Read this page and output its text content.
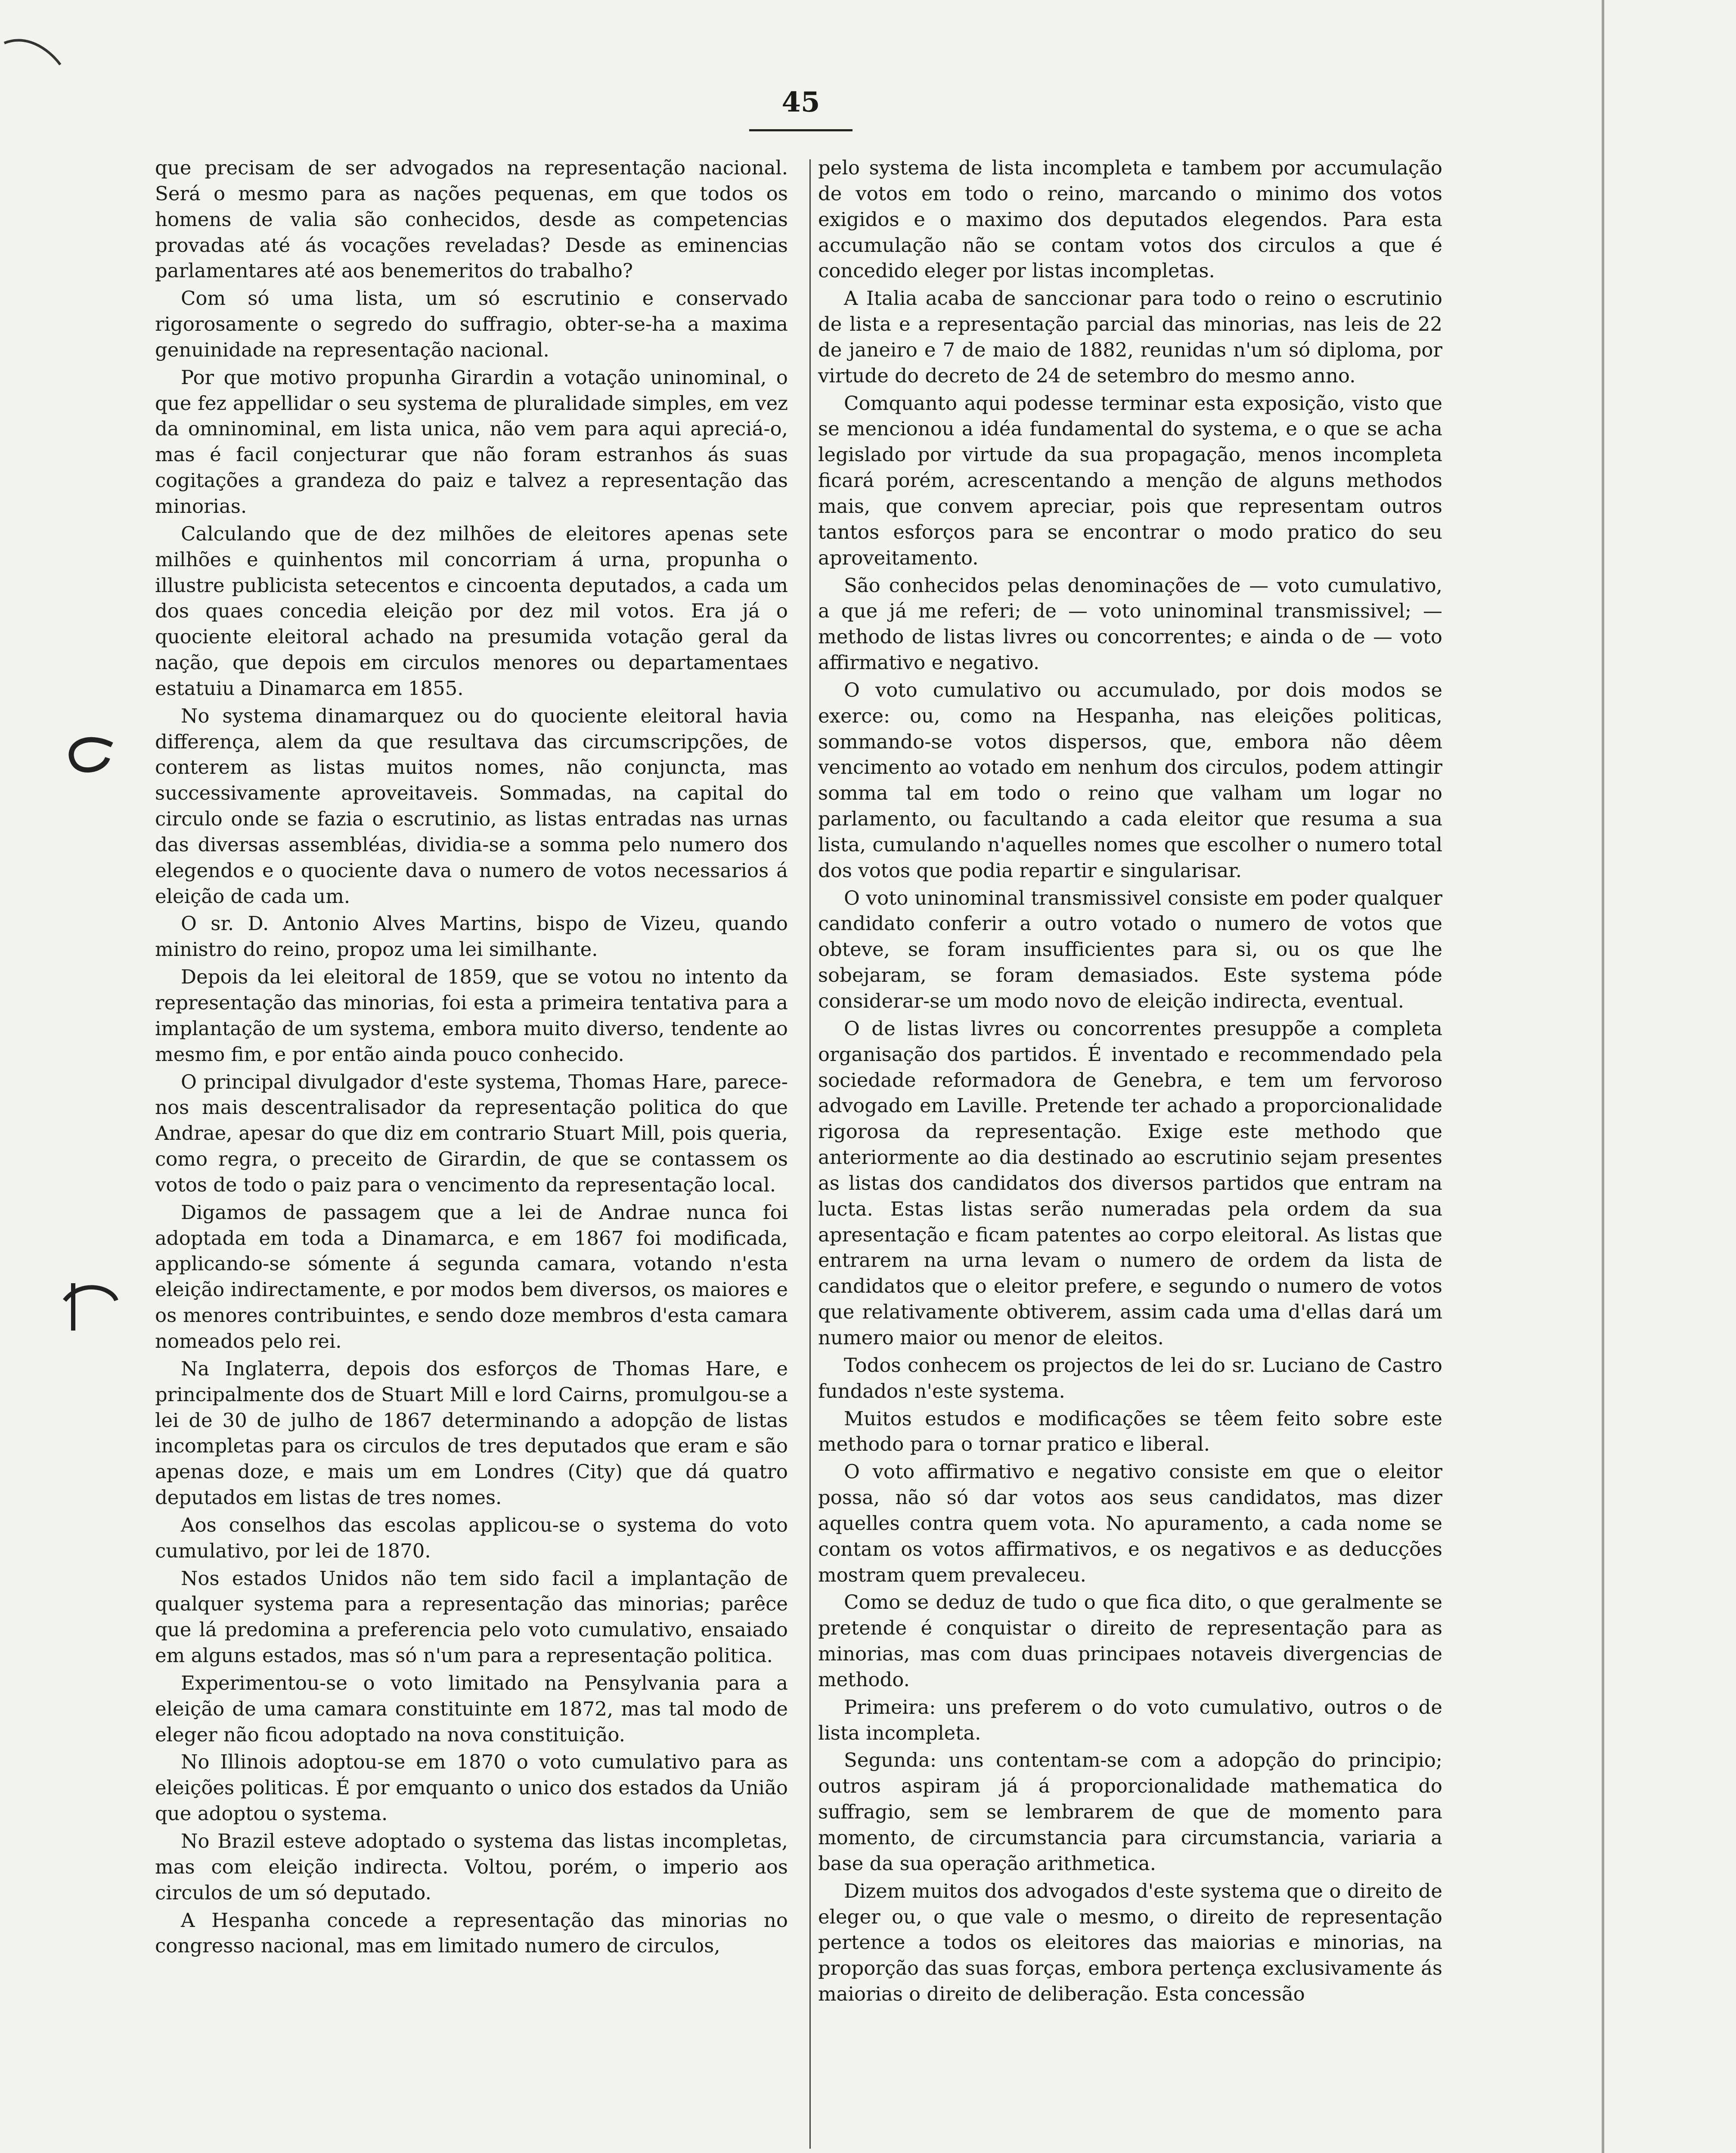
45

que precisam de ser advogados na representação nacional. Será o mesmo para as nações pequenas, em que todos os homens de valia são conhecidos, desde as competencias provadas até ás vocações reveladas? Desde as eminencias parlamentares até aos benemeritos do trabalho?

Com só uma lista, um só escrutinio e conservado rigorosamente o segredo do suffragio, obter-se-ha a maxima genuinidade na representação nacional.

Por que motivo propunha Girardin a votação uninominal, o que fez appellidar o seu systema de pluralidade simples, em vez da omninominal, em lista unica, não vem para aqui apreciá-o, mas é facil conjecturar que não foram estranhos ás suas cogitações a grandeza do paiz e talvez a representação das minorias.

Calculando que de dez milhões de eleitores apenas sete milhões e quinhentos mil concorriam á urna, propunha o illustre publicista setecentos e cincoenta deputados, a cada um dos quaes concedia eleição por dez mil votos. Era já o quociente eleitoral achado na presumida votação geral da nação, que depois em circulos menores ou departamentaes estatuiu a Dinamarca em 1855.

No systema dinamarquez ou do quociente eleitoral havia differença, alem da que resultava das circumscripções, de conterem as listas muitos nomes, não conjuncta, mas successivamente aproveitaveis. Sommadas, na capital do circulo onde se fazia o escrutinio, as listas entradas nas urnas das diversas assembléas, dividia-se a somma pelo numero dos elegendos e o quociente dava o numero de votos necessarios á eleição de cada um.

O sr. D. Antonio Alves Martins, bispo de Vizeu, quando ministro do reino, propoz uma lei similhante.

Depois da lei eleitoral de 1859, que se votou no intento da representação das minorias, foi esta a primeira tentativa para a implantação de um systema, embora muito diverso, tendente ao mesmo fim, e por então ainda pouco conhecido.

O principal divulgador d'este systema, Thomas Hare, parece-nos mais descentralisador da representação politica do que Andrae, apesar do que diz em contrario Stuart Mill, pois queria, como regra, o preceito de Girardin, de que se contassem os votos de todo o paiz para o vencimento da representação local.

Digamos de passagem que a lei de Andrae nunca foi adoptada em toda a Dinamarca, e em 1867 foi modificada, applicando-se sómente á segunda camara, votando n'esta eleição indirectamente, e por modos bem diversos, os maiores e os menores contribuintes, e sendo doze membros d'esta camara nomeados pelo rei.

Na Inglaterra, depois dos esforços de Thomas Hare, e principalmente dos de Stuart Mill e lord Cairns, promulgou-se a lei de 30 de julho de 1867 determinando a adopção de listas incompletas para os circulos de tres deputados que eram e são apenas doze, e mais um em Londres (City) que dá quatro deputados em listas de tres nomes.

Aos conselhos das escolas applicou-se o systema do voto cumulativo, por lei de 1870.

Nos estados Unidos não tem sido facil a implantação de qualquer systema para a representação das minorias; parêce que lá predomina a preferencia pelo voto cumulativo, ensaiado em alguns estados, mas só n'um para a representação politica.

Experimentou-se o voto limitado na Pensylvania para a eleição de uma camara constituinte em 1872, mas tal modo de eleger não ficou adoptado na nova constituição.

No Illinois adoptou-se em 1870 o voto cumulativo para as eleições politicas. É por emquanto o unico dos estados da União que adoptou o systema.

No Brazil esteve adoptado o systema das listas incompletas, mas com eleição indirecta. Voltou, porém, o imperio aos circulos de um só deputado.

A Hespanha concede a representação das minorias no congresso nacional, mas em limitado numero de circulos,

pelo systema de lista incompleta e tambem por accumulação de votos em todo o reino, marcando o minimo dos votos exigidos e o maximo dos deputados elegendos. Para esta accumulação não se contam votos dos circulos a que é concedido eleger por listas incompletas.

A Italia acaba de sanccionar para todo o reino o escrutinio de lista e a representação parcial das minorias, nas leis de 22 de janeiro e 7 de maio de 1882, reunidas n'um só diploma, por virtude do decreto de 24 de setembro do mesmo anno.

Comquanto aqui podesse terminar esta exposição, visto que se mencionou a idéa fundamental do systema, e o que se acha legislado por virtude da sua propagação, menos incompleta ficará porém, acrescentando a menção de alguns methodos mais, que convem apreciar, pois que representam outros tantos esforços para se encontrar o modo pratico do seu aproveitamento.

São conhecidos pelas denominações de — voto cumulativo, a que já me referi; de — voto uninominal transmissivel; — methodo de listas livres ou concorrentes; e ainda o de — voto affirmativo e negativo.

O voto cumulativo ou accumulado, por dois modos se exerce: ou, como na Hespanha, nas eleições politicas, sommando-se votos dispersos, que, embora não dêem vencimento ao votado em nenhum dos circulos, podem attingir somma tal em todo o reino que valham um logar no parlamento, ou facultando a cada eleitor que resuma a sua lista, cumulando n'aquelles nomes que escolher o numero total dos votos que podia repartir e singularisar.

O voto uninominal transmissivel consiste em poder qualquer candidato conferir a outro votado o numero de votos que obteve, se foram insufficientes para si, ou os que lhe sobejaram, se foram demasiados. Este systema póde considerar-se um modo novo de eleição indirecta, eventual.

O de listas livres ou concorrentes presuppõe a completa organisação dos partidos. É inventado e recommendado pela sociedade reformadora de Genebra, e tem um fervoroso advogado em Laville. Pretende ter achado a proporcionalidade rigorosa da representação. Exige este methodo que anteriormente ao dia destinado ao escrutinio sejam presentes as listas dos candidatos dos diversos partidos que entram na lucta. Estas listas serão numeradas pela ordem da sua apresentação e ficam patentes ao corpo eleitoral. As listas que entrarem na urna levam o numero de ordem da lista de candidatos que o eleitor prefere, e segundo o numero de votos que relativamente obtiverem, assim cada uma d'ellas dará um numero maior ou menor de eleitos.

Todos conhecem os projectos de lei do sr. Luciano de Castro fundados n'este systema.

Muitos estudos e modificações se têem feito sobre este methodo para o tornar pratico e liberal.

O voto affirmativo e negativo consiste em que o eleitor possa, não só dar votos aos seus candidatos, mas dizer aquelles contra quem vota. No apuramento, a cada nome se contam os votos affirmativos, e os negativos e as deducções mostram quem prevaleceu.

Como se deduz de tudo o que fica dito, o que geralmente se pretende é conquistar o direito de representação para as minorias, mas com duas principaes notaveis divergencias de methodo.

Primeira: uns preferem o do voto cumulativo, outros o de lista incompleta.

Segunda: uns contentam-se com a adopção do principio; outros aspiram já á proporcionalidade mathematica do suffragio, sem se lembrarem de que de momento para momento, de circumstancia para circumstancia, variaria a base da sua operação arithmetica.

Dizem muitos dos advogados d'este systema que o direito de eleger ou, o que vale o mesmo, o direito de representação pertence a todos os eleitores das maiorias e minorias, na proporção das suas forças, embora pertença exclusivamente ás maiorias o direito de deliberação. Esta concessão
